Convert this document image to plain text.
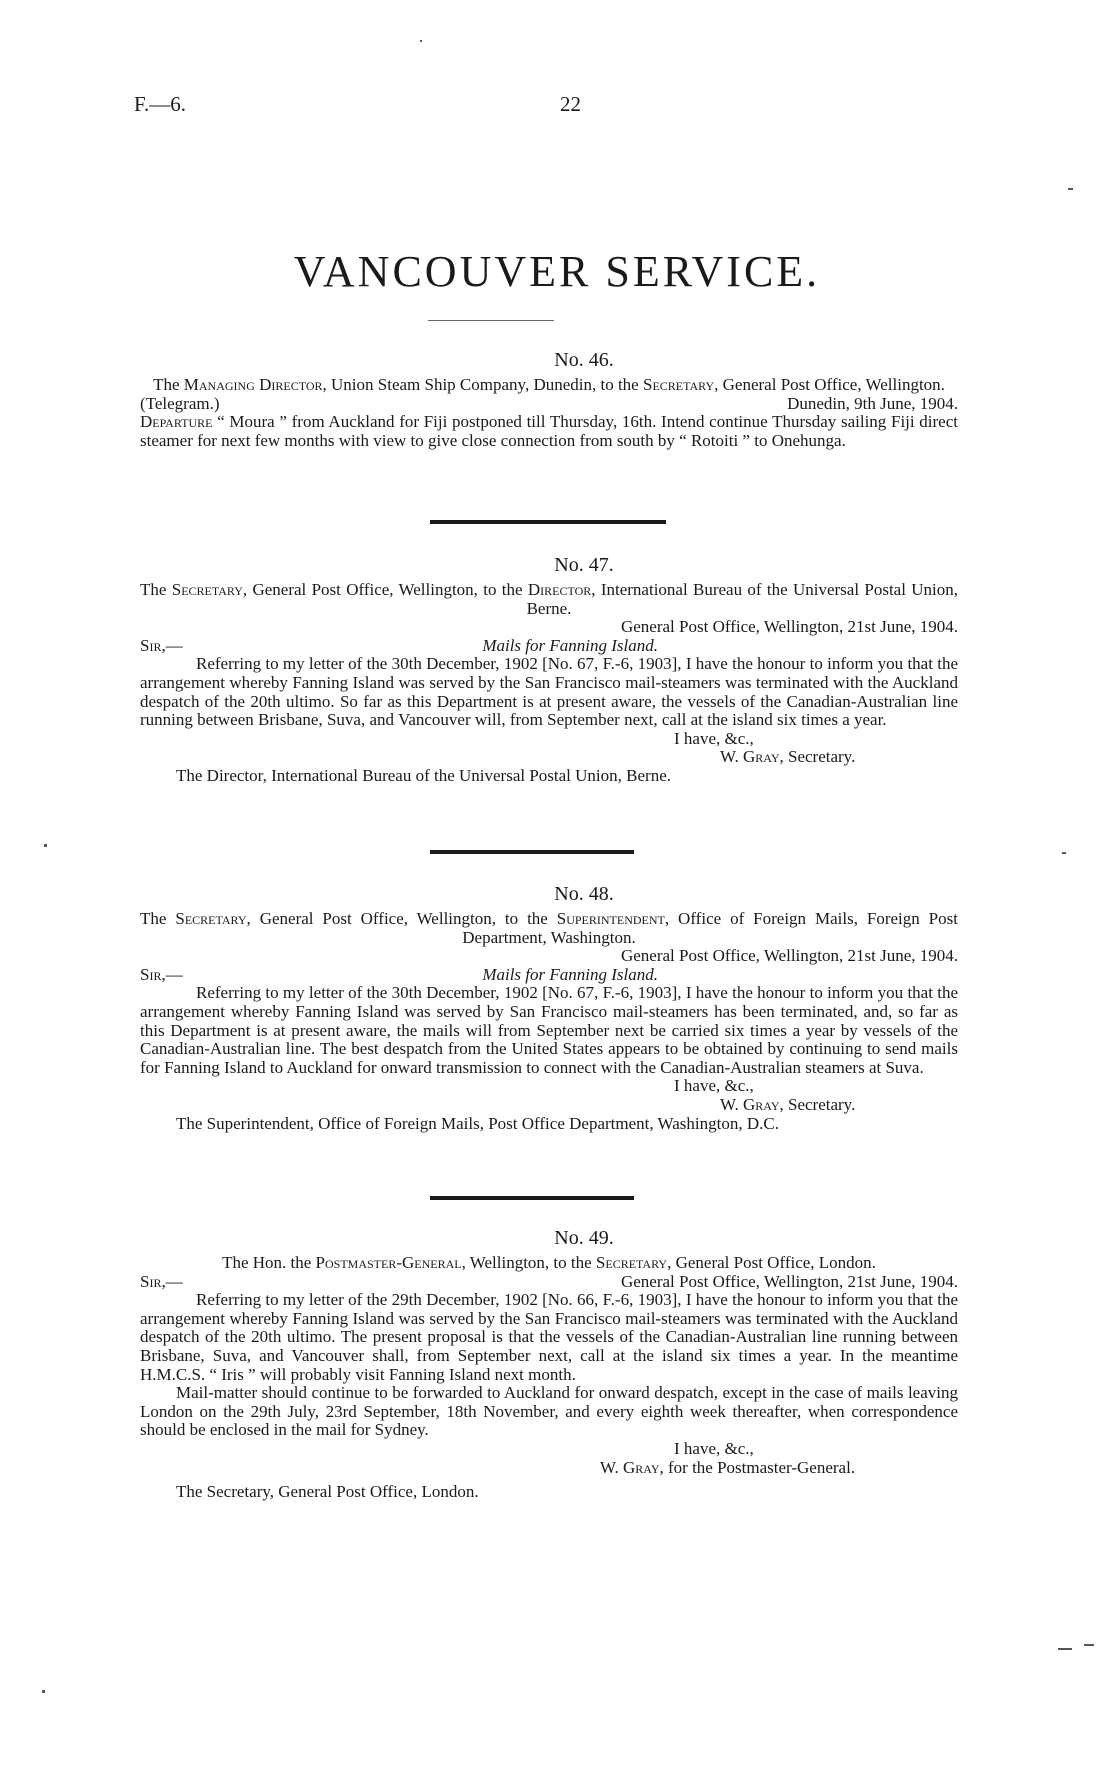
F.—6.	22
VANCOUVER SERVICE.

No. 46.

The Managing Director, Union Steam Ship Company, Dunedin, to the Secretary, General Post Office, Wellington.

(Telegram.)	Dunedin, 9th June, 1904.

Departure “ Moura ” from Auckland for Fiji postponed till Thursday, 16th. Intend continue Thursday sailing Fiji direct steamer for next few months with view to give close connection from south by “ Rotoiti ” to Onehunga.

No. 47.

The Secretary, General Post Office, Wellington, to the Director, International Bureau of the Universal Postal Union, Berne.

General Post Office, Wellington, 21st June, 1904.

Sir,—	Mails for Fanning Island.

Referring to my letter of the 30th December, 1902 [No. 67, F.-6, 1903], I have the honour to inform you that the arrangement whereby Fanning Island was served by the San Francisco mail-steamers was terminated with the Auckland despatch of the 20th ultimo. So far as this Department is at present aware, the vessels of the Canadian-Australian line running between Brisbane, Suva, and Vancouver will, from September next, call at the island six times a year.

I have, &c.,

W. Gray, Secretary.

The Director, International Bureau of the Universal Postal Union, Berne.

No. 48.

The Secretary, General Post Office, Wellington, to the Superintendent, Office of Foreign Mails, Foreign Post Department, Washington.

General Post Office, Wellington, 21st June, 1904.

Sir,—	Mails for Fanning Island.

Referring to my letter of the 30th December, 1902 [No. 67, F.-6, 1903], I have the honour to inform you that the arrangement whereby Fanning Island was served by San Francisco mail-steamers has been terminated, and, so far as this Department is at present aware, the mails will from September next be carried six times a year by vessels of the Canadian-Australian line. The best despatch from the United States appears to be obtained by continuing to send mails for Fanning Island to Auckland for onward transmission to connect with the Canadian-Australian steamers at Suva.

I have, &c.,

W. Gray, Secretary.

The Superintendent, Office of Foreign Mails, Post Office Department, Washington, D.C.

No. 49.

The Hon. the Postmaster-General, Wellington, to the Secretary, General Post Office, London.

Sir,—	General Post Office, Wellington, 21st June, 1904.

Referring to my letter of the 29th December, 1902 [No. 66, F.-6, 1903], I have the honour to inform you that the arrangement whereby Fanning Island was served by the San Francisco mail-steamers was terminated with the Auckland despatch of the 20th ultimo. The present proposal is that the vessels of the Canadian-Australian line running between Brisbane, Suva, and Vancouver shall, from September next, call at the island six times a year. In the meantime H.M.C.S. “ Iris ” will probably visit Fanning Island next month.

Mail-matter should continue to be forwarded to Auckland for onward despatch, except in the case of mails leaving London on the 29th July, 23rd September, 18th November, and every eighth week thereafter, when correspondence should be enclosed in the mail for Sydney.

I have, &c.,

W. Gray, for the Postmaster-General.

The Secretary, General Post Office, London.
